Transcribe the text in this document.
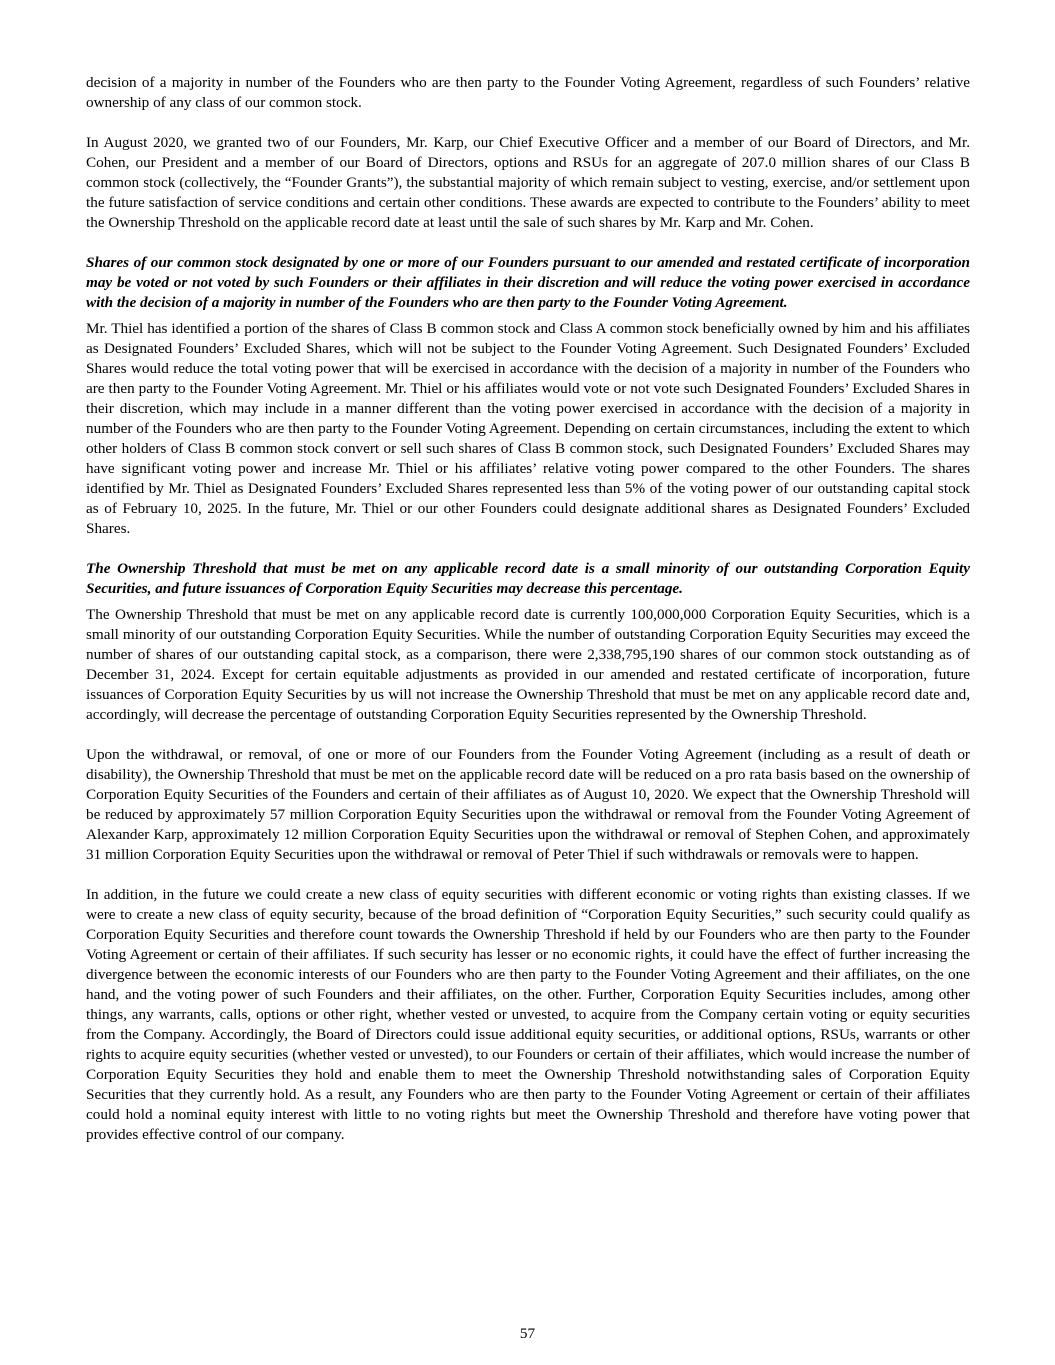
decision of a majority in number of the Founders who are then party to the Founder Voting Agreement, regardless of such Founders’ relative ownership of any class of our common stock.

In August 2020, we granted two of our Founders, Mr. Karp, our Chief Executive Officer and a member of our Board of Directors, and Mr. Cohen, our President and a member of our Board of Directors, options and RSUs for an aggregate of 207.0 million shares of our Class B common stock (collectively, the “Founder Grants”), the substantial majority of which remain subject to vesting, exercise, and/or settlement upon the future satisfaction of service conditions and certain other conditions. These awards are expected to contribute to the Founders’ ability to meet the Ownership Threshold on the applicable record date at least until the sale of such shares by Mr. Karp and Mr. Cohen.

Shares of our common stock designated by one or more of our Founders pursuant to our amended and restated certificate of incorporation may be voted or not voted by such Founders or their affiliates in their discretion and will reduce the voting power exercised in accordance with the decision of a majority in number of the Founders who are then party to the Founder Voting Agreement.

Mr. Thiel has identified a portion of the shares of Class B common stock and Class A common stock beneficially owned by him and his affiliates as Designated Founders’ Excluded Shares, which will not be subject to the Founder Voting Agreement. Such Designated Founders’ Excluded Shares would reduce the total voting power that will be exercised in accordance with the decision of a majority in number of the Founders who are then party to the Founder Voting Agreement. Mr. Thiel or his affiliates would vote or not vote such Designated Founders’ Excluded Shares in their discretion, which may include in a manner different than the voting power exercised in accordance with the decision of a majority in number of the Founders who are then party to the Founder Voting Agreement. Depending on certain circumstances, including the extent to which other holders of Class B common stock convert or sell such shares of Class B common stock, such Designated Founders’ Excluded Shares may have significant voting power and increase Mr. Thiel or his affiliates’ relative voting power compared to the other Founders. The shares identified by Mr. Thiel as Designated Founders’ Excluded Shares represented less than 5% of the voting power of our outstanding capital stock as of February 10, 2025. In the future, Mr. Thiel or our other Founders could designate additional shares as Designated Founders’ Excluded Shares.

The Ownership Threshold that must be met on any applicable record date is a small minority of our outstanding Corporation Equity Securities, and future issuances of Corporation Equity Securities may decrease this percentage.

The Ownership Threshold that must be met on any applicable record date is currently 100,000,000 Corporation Equity Securities, which is a small minority of our outstanding Corporation Equity Securities. While the number of outstanding Corporation Equity Securities may exceed the number of shares of our outstanding capital stock, as a comparison, there were 2,338,795,190 shares of our common stock outstanding as of December 31, 2024. Except for certain equitable adjustments as provided in our amended and restated certificate of incorporation, future issuances of Corporation Equity Securities by us will not increase the Ownership Threshold that must be met on any applicable record date and, accordingly, will decrease the percentage of outstanding Corporation Equity Securities represented by the Ownership Threshold.

Upon the withdrawal, or removal, of one or more of our Founders from the Founder Voting Agreement (including as a result of death or disability), the Ownership Threshold that must be met on the applicable record date will be reduced on a pro rata basis based on the ownership of Corporation Equity Securities of the Founders and certain of their affiliates as of August 10, 2020. We expect that the Ownership Threshold will be reduced by approximately 57 million Corporation Equity Securities upon the withdrawal or removal from the Founder Voting Agreement of Alexander Karp, approximately 12 million Corporation Equity Securities upon the withdrawal or removal of Stephen Cohen, and approximately 31 million Corporation Equity Securities upon the withdrawal or removal of Peter Thiel if such withdrawals or removals were to happen.

In addition, in the future we could create a new class of equity securities with different economic or voting rights than existing classes. If we were to create a new class of equity security, because of the broad definition of “Corporation Equity Securities,” such security could qualify as Corporation Equity Securities and therefore count towards the Ownership Threshold if held by our Founders who are then party to the Founder Voting Agreement or certain of their affiliates. If such security has lesser or no economic rights, it could have the effect of further increasing the divergence between the economic interests of our Founders who are then party to the Founder Voting Agreement and their affiliates, on the one hand, and the voting power of such Founders and their affiliates, on the other. Further, Corporation Equity Securities includes, among other things, any warrants, calls, options or other right, whether vested or unvested, to acquire from the Company certain voting or equity securities from the Company. Accordingly, the Board of Directors could issue additional equity securities, or additional options, RSUs, warrants or other rights to acquire equity securities (whether vested or unvested), to our Founders or certain of their affiliates, which would increase the number of Corporation Equity Securities they hold and enable them to meet the Ownership Threshold notwithstanding sales of Corporation Equity Securities that they currently hold. As a result, any Founders who are then party to the Founder Voting Agreement or certain of their affiliates could hold a nominal equity interest with little to no voting rights but meet the Ownership Threshold and therefore have voting power that provides effective control of our company.

57
